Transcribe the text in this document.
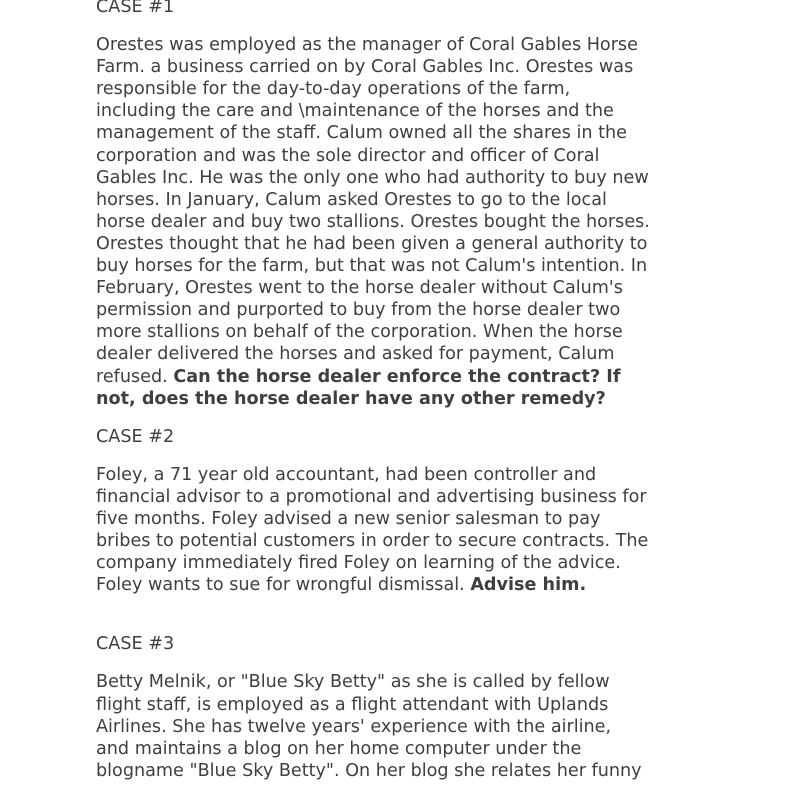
CASE #1
Orestes was employed as the manager of Coral Gables Horse
Farm. a business carried on by Coral Gables Inc. Orestes was
responsible for the day-to-day operations of the farm,
including the care and \maintenance of the horses and the
management of the staff. Calum owned all the shares in the
corporation and was the sole director and officer of Coral
Gables Inc. He was the only one who had authority to buy new
horses. In January, Calum asked Orestes to go to the local
horse dealer and buy two stallions. Orestes bought the horses.
Orestes thought that he had been given a general authority to
buy horses for the farm, but that was not Calum's intention. In
February, Orestes went to the horse dealer without Calum's
permission and purported to buy from the horse dealer two
more stallions on behalf of the corporation. When the horse
dealer delivered the horses and asked for payment, Calum
refused. Can the horse dealer enforce the contract? If
not, does the horse dealer have any other remedy?
CASE #2
Foley, a 71 year old accountant, had been controller and
financial advisor to a promotional and advertising business for
five months. Foley advised a new senior salesman to pay
bribes to potential customers in order to secure contracts. The
company immediately fired Foley on learning of the advice.
Foley wants to sue for wrongful dismissal. Advise him.
CASE #3
Betty Melnik, or "Blue Sky Betty" as she is called by fellow
flight staff, is employed as a flight attendant with Uplands
Airlines. She has twelve years' experience with the airline,
and maintains a blog on her home computer under the
blogname "Blue Sky Betty". On her blog she relates her funny
